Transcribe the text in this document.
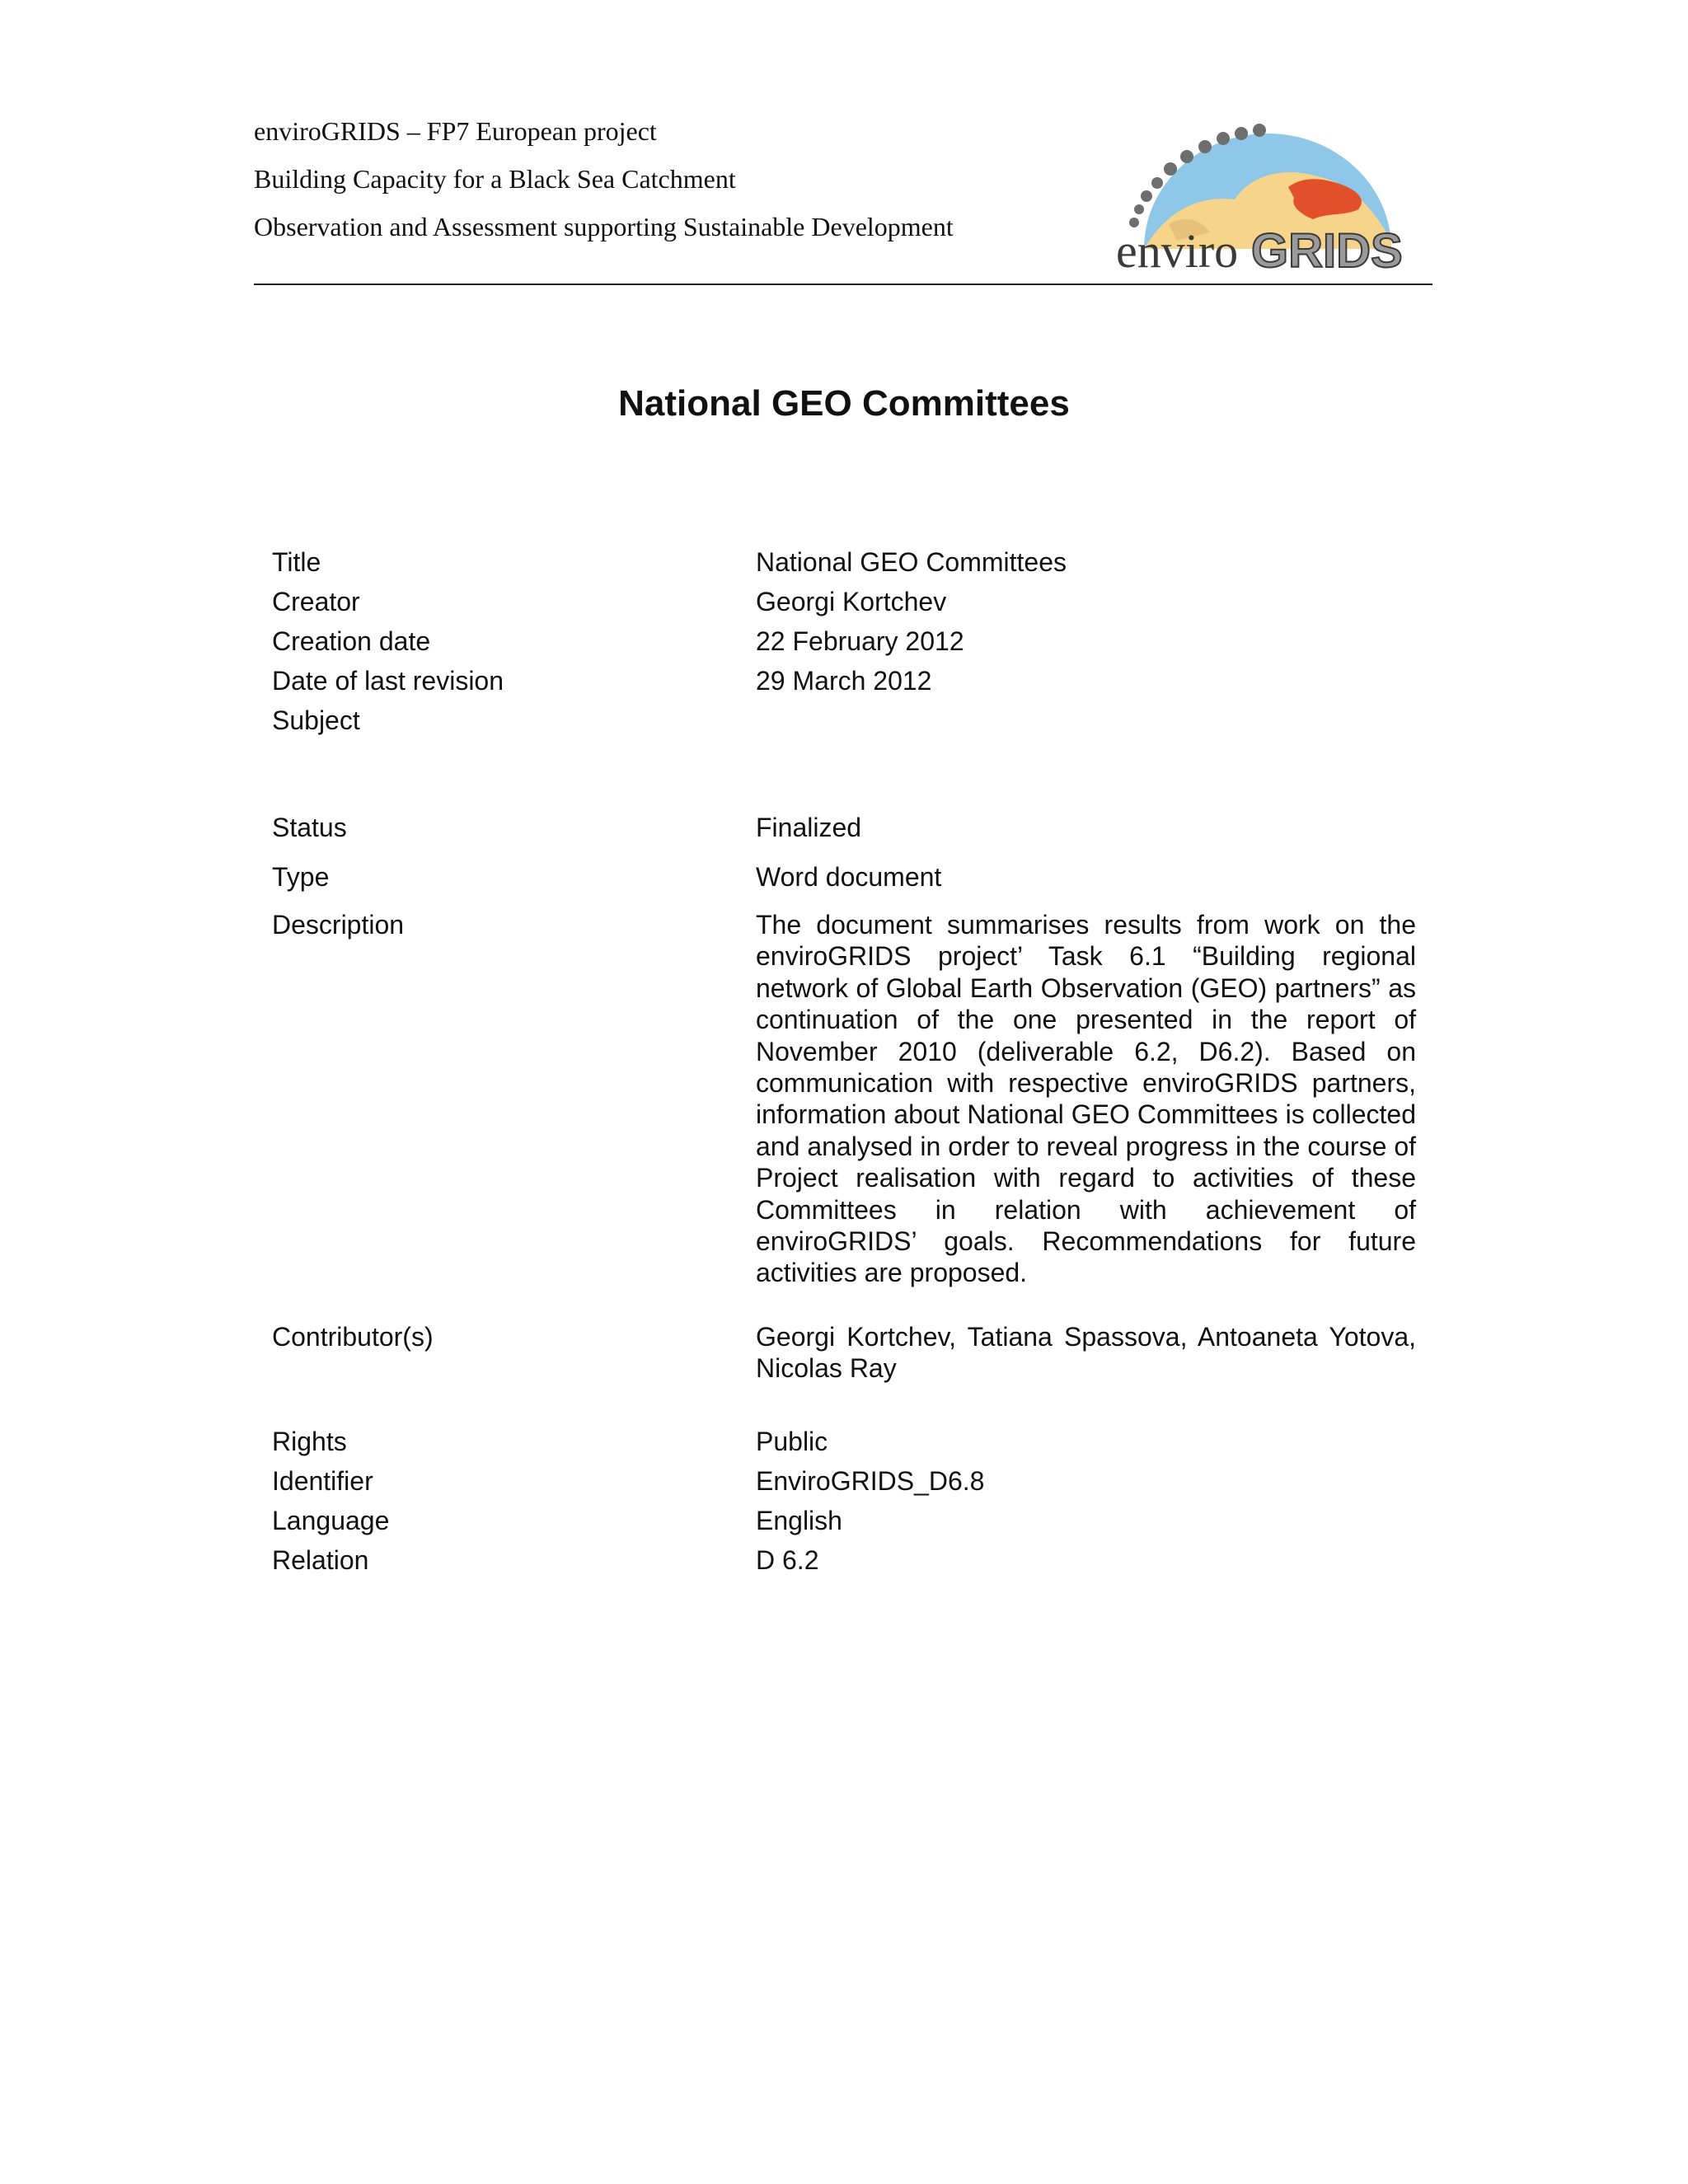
enviroGRIDS – FP7 European project
Building Capacity for a Black Sea Catchment
Observation and Assessment supporting Sustainable Development	enviro GRIDS
National GEO Committees
Title	National GEO Committees
Creator	Georgi Kortchev
Creation date	22 February 2012
Date of last revision	29 March 2012
Subject
Status	Finalized
Type	Word document
Description	The document summarises results from work on the enviroGRIDS project’ Task 6.1 “Building regional network of Global Earth Observation (GEO) partners” as continuation of the one presented in the report of November 2010 (deliverable 6.2, D6.2). Based on communication with respective enviroGRIDS partners, information about National GEO Committees is collected and analysed in order to reveal progress in the course of Project realisation with regard to activities of these Committees in relation with achievement of enviroGRIDS’ goals. Recommendations for future activities are proposed.
Contributor(s)	Georgi Kortchev, Tatiana Spassova, Antoaneta Yotova, Nicolas Ray
Rights	Public
Identifier	EnviroGRIDS_D6.8
Language	English
Relation	D 6.2
